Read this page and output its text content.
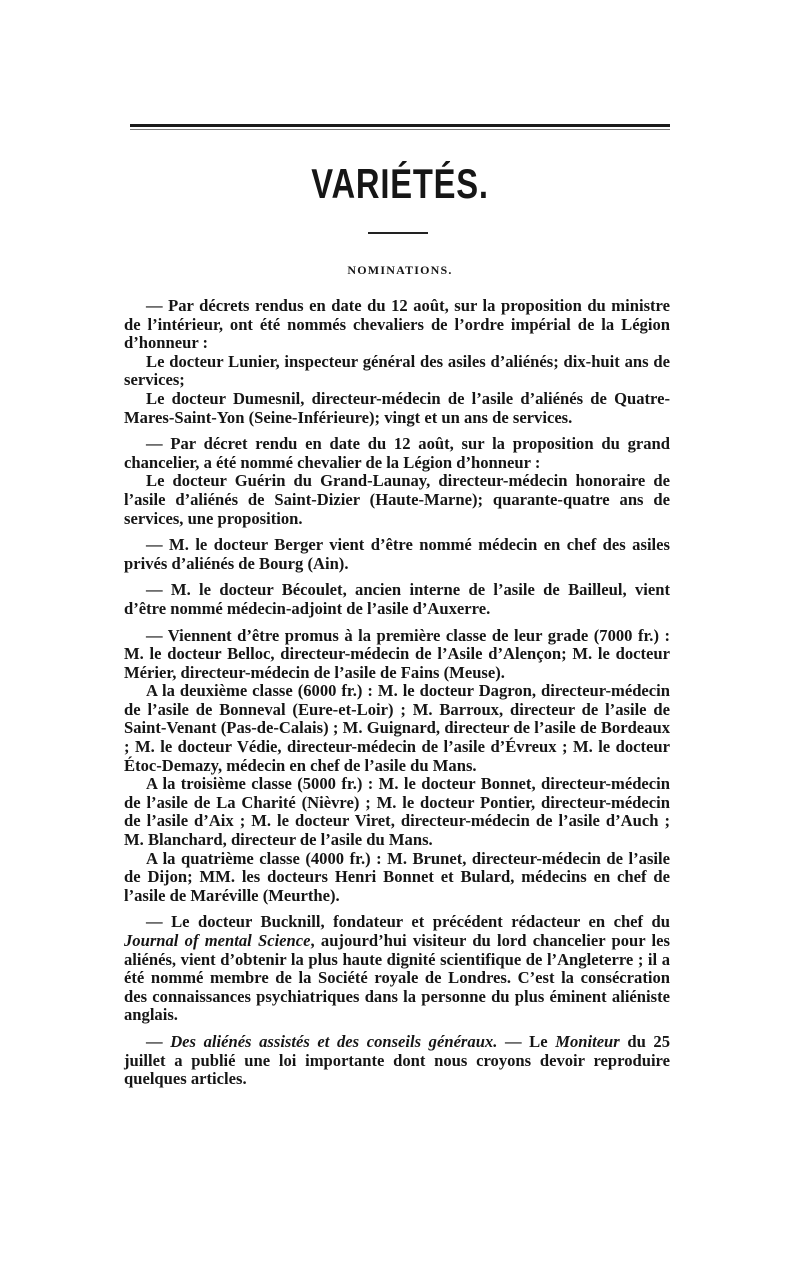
VARIÉTÉS.
NOMINATIONS.

— Par décrets rendus en date du 12 août, sur la proposition du ministre de l’intérieur, ont été nommés chevaliers de l’ordre impérial de la Légion d’honneur :

Le docteur Lunier, inspecteur général des asiles d’aliénés; dix-huit ans de services;

Le docteur Dumesnil, directeur-médecin de l’asile d’aliénés de Quatre-Mares-Saint-Yon (Seine-Inférieure); vingt et un ans de services.

— Par décret rendu en date du 12 août, sur la proposition du grand chancelier, a été nommé chevalier de la Légion d’honneur :

Le docteur Guérin du Grand-Launay, directeur-médecin honoraire de l’asile d’aliénés de Saint-Dizier (Haute-Marne); quarante-quatre ans de services, une proposition.

— M. le docteur Berger vient d’être nommé médecin en chef des asiles privés d’aliénés de Bourg (Ain).

— M. le docteur Bécoulet, ancien interne de l’asile de Bailleul, vient d’être nommé médecin-adjoint de l’asile d’Auxerre.

— Viennent d’être promus à la première classe de leur grade (7000 fr.) : M. le docteur Belloc, directeur-médecin de l’Asile d’Alençon; M. le docteur Mérier, directeur-médecin de l’asile de Fains (Meuse).

A la deuxième classe (6000 fr.) : M. le docteur Dagron, directeur-médecin de l’asile de Bonneval (Eure-et-Loir) ; M. Barroux, directeur de l’asile de Saint-Venant (Pas-de-Calais) ; M. Guignard, directeur de l’asile de Bordeaux ; M. le docteur Védie, directeur-médecin de l’asile d’Évreux ; M. le docteur Étoc-Demazy, médecin en chef de l’asile du Mans.

A la troisième classe (5000 fr.) : M. le docteur Bonnet, directeur-médecin de l’asile de La Charité (Nièvre) ; M. le docteur Pontier, directeur-médecin de l’asile d’Aix ; M. le docteur Viret, directeur-médecin de l’asile d’Auch ; M. Blanchard, directeur de l’asile du Mans.

A la quatrième classe (4000 fr.) : M. Brunet, directeur-médecin de l’asile de Dijon; MM. les docteurs Henri Bonnet et Bulard, médecins en chef de l’asile de Maréville (Meurthe).

— Le docteur Bucknill, fondateur et précédent rédacteur en chef du Journal of mental Science, aujourd’hui visiteur du lord chancelier pour les aliénés, vient d’obtenir la plus haute dignité scientifique de l’Angleterre ; il a été nommé membre de la Société royale de Londres. C’est la consécration des connaissances psychiatriques dans la personne du plus éminent aliéniste anglais.

— Des aliénés assistés et des conseils généraux. — Le Moniteur du 25 juillet a publié une loi importante dont nous croyons devoir reproduire quelques articles.
